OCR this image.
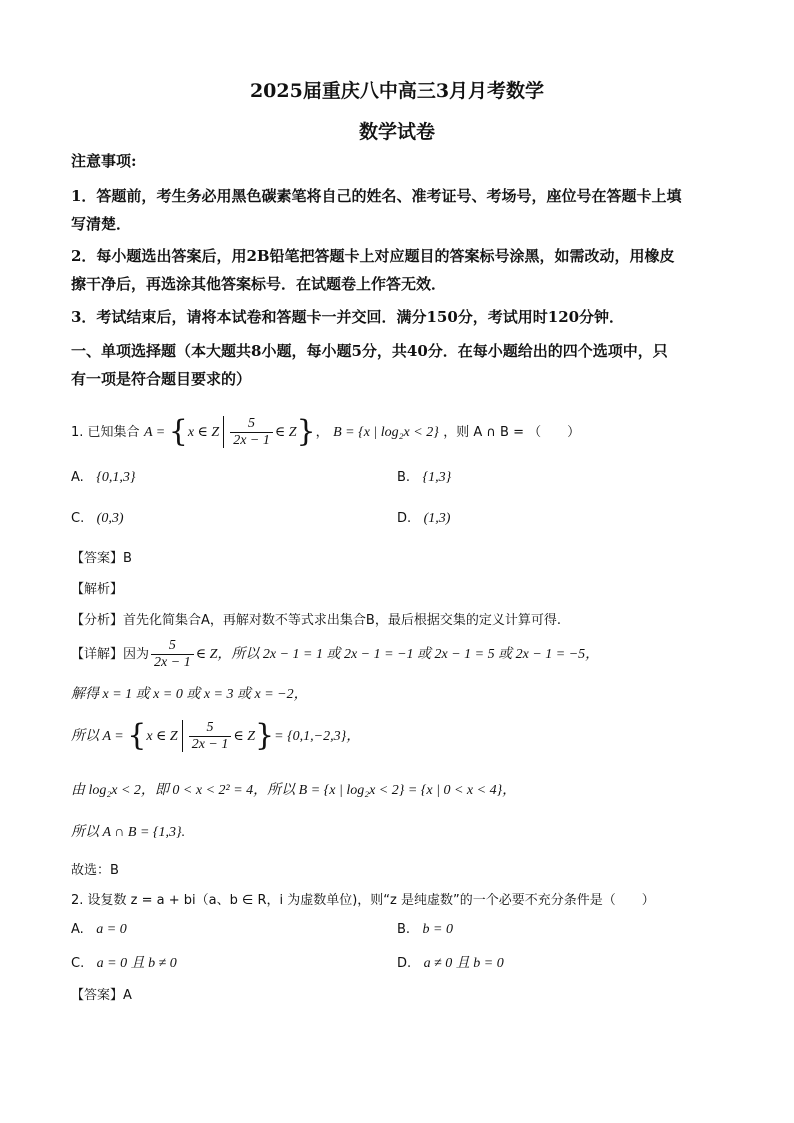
2025届重庆八中高三3月月考数学
数学试卷
注意事项:
1．答题前，考生务必用黑色碳素笔将自己的姓名、准考证号、考场号，座位号在答题卡上填
写清楚．
2．每小题选出答案后，用2B铅笔把答题卡上对应题目的答案标号涂黑，如需改动，用橡皮
擦干净后，再选涂其他答案标号．在试题卷上作答无效．
3．考试结束后，请将本试卷和答题卡一并交回．满分150分，考试用时120分钟．
一、单项选择题（本大题共8小题，每小题5分，共40分．在每小题给出的四个选项中，只
有一项是符合题目要求的）
1. 已知集合 A = {x ∈ Z $\frac{5}{2x - 1}$ ∈ Z}， B = {x | log₂x < 2} ，则 A ∩ B = （　　）
A. {0,1,3}	B. {1,3}
C. (0,3)	D. (1,3)
【答案】B
【解析】
【分析】首先化简集合A，再解对数不等式求出集合B，最后根据交集的定义计算可得.
【详解】因为 $\frac{5}{2x - 1}$ ∈ Z，所以 2x − 1 = 1 或 2x − 1 = −1 或 2x − 1 = 5 或 2x − 1 = −5，
解得 x = 1 或 x = 0 或 x = 3 或 x = −2，
所以 A = {x ∈ Z $\frac{5}{2x - 1}$ ∈ Z}= {0,1,−2,3}，
由 log₂x < 2，即 0 < x < 2² = 4，所以 B = {x | log₂x < 2} = {x | 0 < x < 4}，
所以 A ∩ B = {1,3}.
故选：B
2. 设复数 z = a + bi（a、b ∈ R，i 为虚数单位)，则“z 是纯虚数”的一个必要不充分条件是（　　）
A. a = 0	B. b = 0
C. a = 0 且 b ≠ 0	D. a ≠ 0 且 b = 0
【答案】A
